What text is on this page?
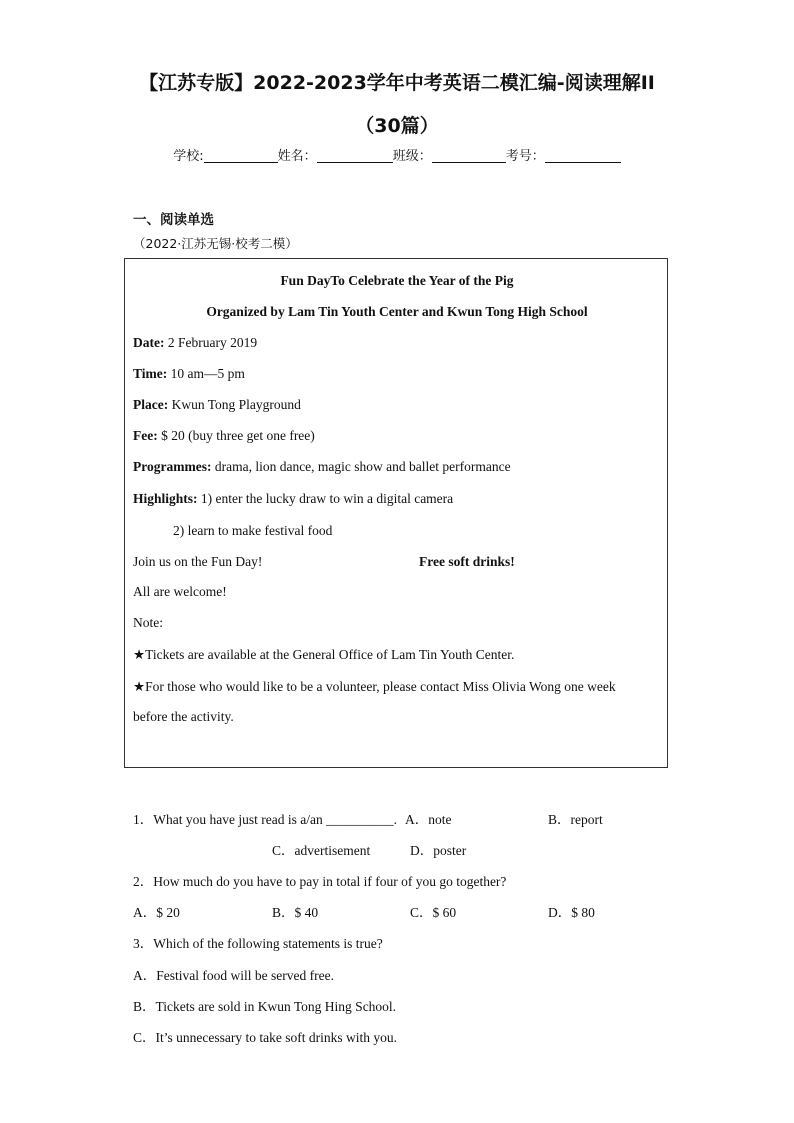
【江苏专版】2022-2023学年中考英语二模汇编-阅读理解II
（30篇）
学校:	姓名：	班级：	考号：
一、阅读单选
（2022·江苏无锡·校考二模）
Fun DayTo Celebrate the Year of the Pig
Organized by Lam Tin Youth Center and Kwun Tong High School
Date: 2 February 2019
Time: 10 am—5 pm
Place: Kwun Tong Playground
Fee: $ 20 (buy three get one free)
Programmes: drama, lion dance, magic show and ballet performance
Highlights: 1) enter the lucky draw to win a digital camera
2) learn to make festival food
Join us on the Fun Day!	Free soft drinks!
All are welcome!
Note:
★Tickets are available at the General Office of Lam Tin Youth Center.
★For those who would like to be a volunteer, please contact Miss Olivia Wong one week
before the activity.
1．What you have just read is a/an __________. A．note	B．report
C．advertisement	D．poster
2．How much do you have to pay in total if four of you go together?
A．$ 20	B．$ 40	C．$ 60	D．$ 80
3．Which of the following statements is true?
A．Festival food will be served free.
B．Tickets are sold in Kwun Tong Hing School.
C．It’s unnecessary to take soft drinks with you.
